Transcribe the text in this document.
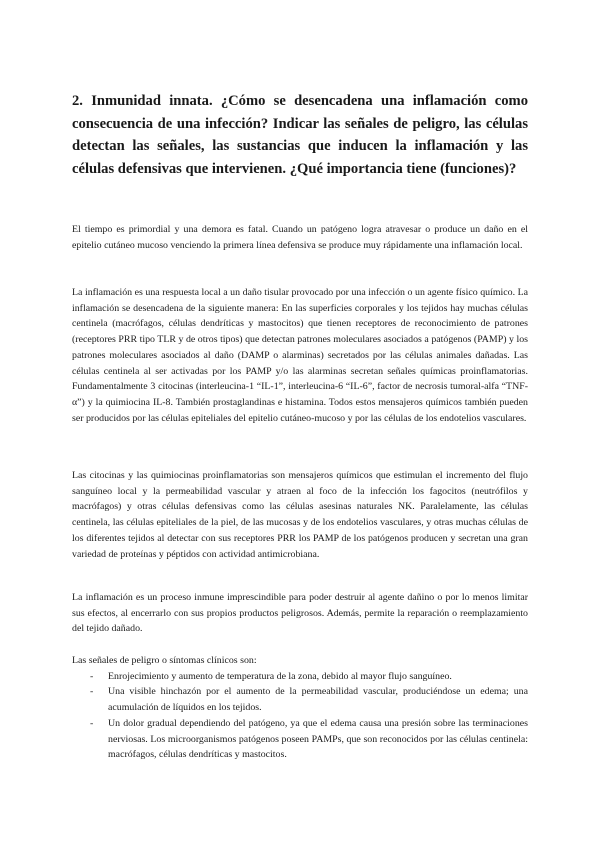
2. Inmunidad innata. ¿Cómo se desencadena una inflamación como consecuencia de una infección? Indicar las señales de peligro, las células detectan las señales, las sustancias que inducen la inflamación y las células defensivas que intervienen. ¿Qué importancia tiene (funciones)?

El tiempo es primordial y una demora es fatal. Cuando un patógeno logra atravesar o produce un daño en el epitelio cutáneo mucoso venciendo la primera línea defensiva se produce muy rápidamente una inflamación local.

La inflamación es una respuesta local a un daño tisular provocado por una infección o un agente físico químico. La inflamación se desencadena de la siguiente manera: En las superficies corporales y los tejidos hay muchas células centinela (macrófagos, células dendríticas y mastocitos) que tienen receptores de reconocimiento de patrones (receptores PRR tipo TLR y de otros tipos) que detectan patrones moleculares asociados a patógenos (PAMP) y los patrones moleculares asociados al daño (DAMP o alarminas) secretados por las células animales dañadas. Las células centinela al ser activadas por los PAMP y/o las alarminas secretan señales químicas proinflamatorias. Fundamentalmente 3 citocinas (interleucina-1 “IL-1”, interleucina-6 “IL-6”, factor de necrosis tumoral-alfa “TNF-α”) y la quimiocina IL-8. También prostaglandinas e histamina. Todos estos mensajeros químicos también pueden ser producidos por las células epiteliales del epitelio cutáneo-mucoso y por las células de los endotelios vasculares.

Las citocinas y las quimiocinas proinflamatorias son mensajeros químicos que estimulan el incremento del flujo sanguíneo local y la permeabilidad vascular y atraen al foco de la infección los fagocitos (neutrófilos y macrófagos) y otras células defensivas como las células asesinas naturales NK. Paralelamente, las células centinela, las células epiteliales de la piel, de las mucosas y de los endotelios vasculares, y otras muchas células de los diferentes tejidos al detectar con sus receptores PRR los PAMP de los patógenos producen y secretan una gran variedad de proteínas y péptidos con actividad antimicrobiana.

La inflamación es un proceso inmune imprescindible para poder destruir al agente dañino o por lo menos limitar sus efectos, al encerrarlo con sus propios productos peligrosos. Además, permite la reparación o reemplazamiento del tejido dañado.

Las señales de peligro o síntomas clínicos son:
- Enrojecimiento y aumento de temperatura de la zona, debido al mayor flujo sanguíneo.
- Una visible hinchazón por el aumento de la permeabilidad vascular, produciéndose un edema; una acumulación de líquidos en los tejidos.
- Un dolor gradual dependiendo del patógeno, ya que el edema causa una presión sobre las terminaciones nerviosas. Los microorganismos patógenos poseen PAMPs, que son reconocidos por las células centinela: macrófagos, células dendríticas y mastocitos.
